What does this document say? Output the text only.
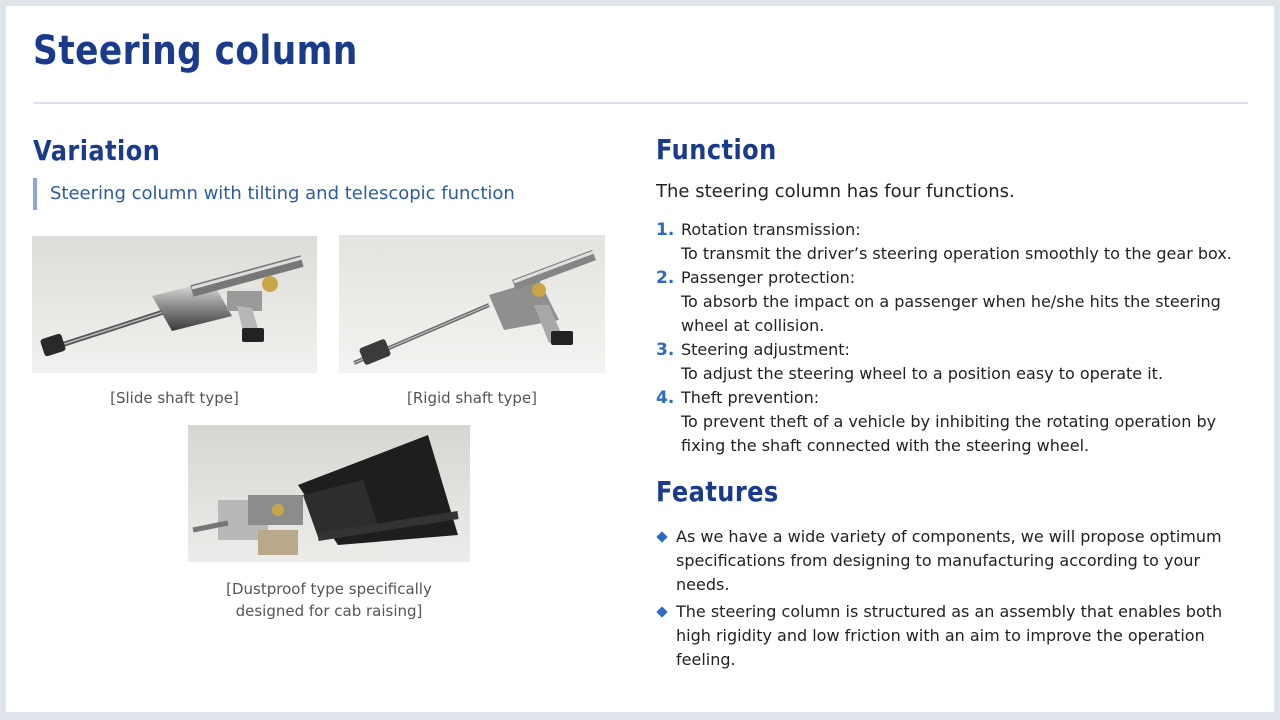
Steering column
Variation
Steering column with tilting and telescopic function
[Slide shaft type]	[Rigid shaft type]
[Dustproof type specifically
designed for cab raising]
Function
The steering column has four functions.
1. Rotation transmission:
To transmit the driver’s steering operation smoothly to the gear box.
2. Passenger protection:
To absorb the impact on a passenger when he/she hits the steering wheel at collision.
3. Steering adjustment:
To adjust the steering wheel to a position easy to operate it.
4. Theft prevention:
To prevent theft of a vehicle by inhibiting the rotating operation by fixing the shaft connected with the steering wheel.
Features
As we have a wide variety of components, we will propose optimum specifications from designing to manufacturing according to your needs.
The steering column is structured as an assembly that enables both high rigidity and low friction with an aim to improve the operation feeling.
